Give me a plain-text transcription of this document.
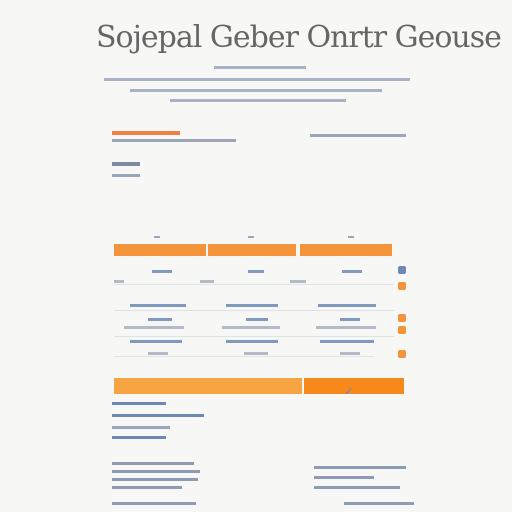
Sojepal Geber Onrtr Geouse
✓
